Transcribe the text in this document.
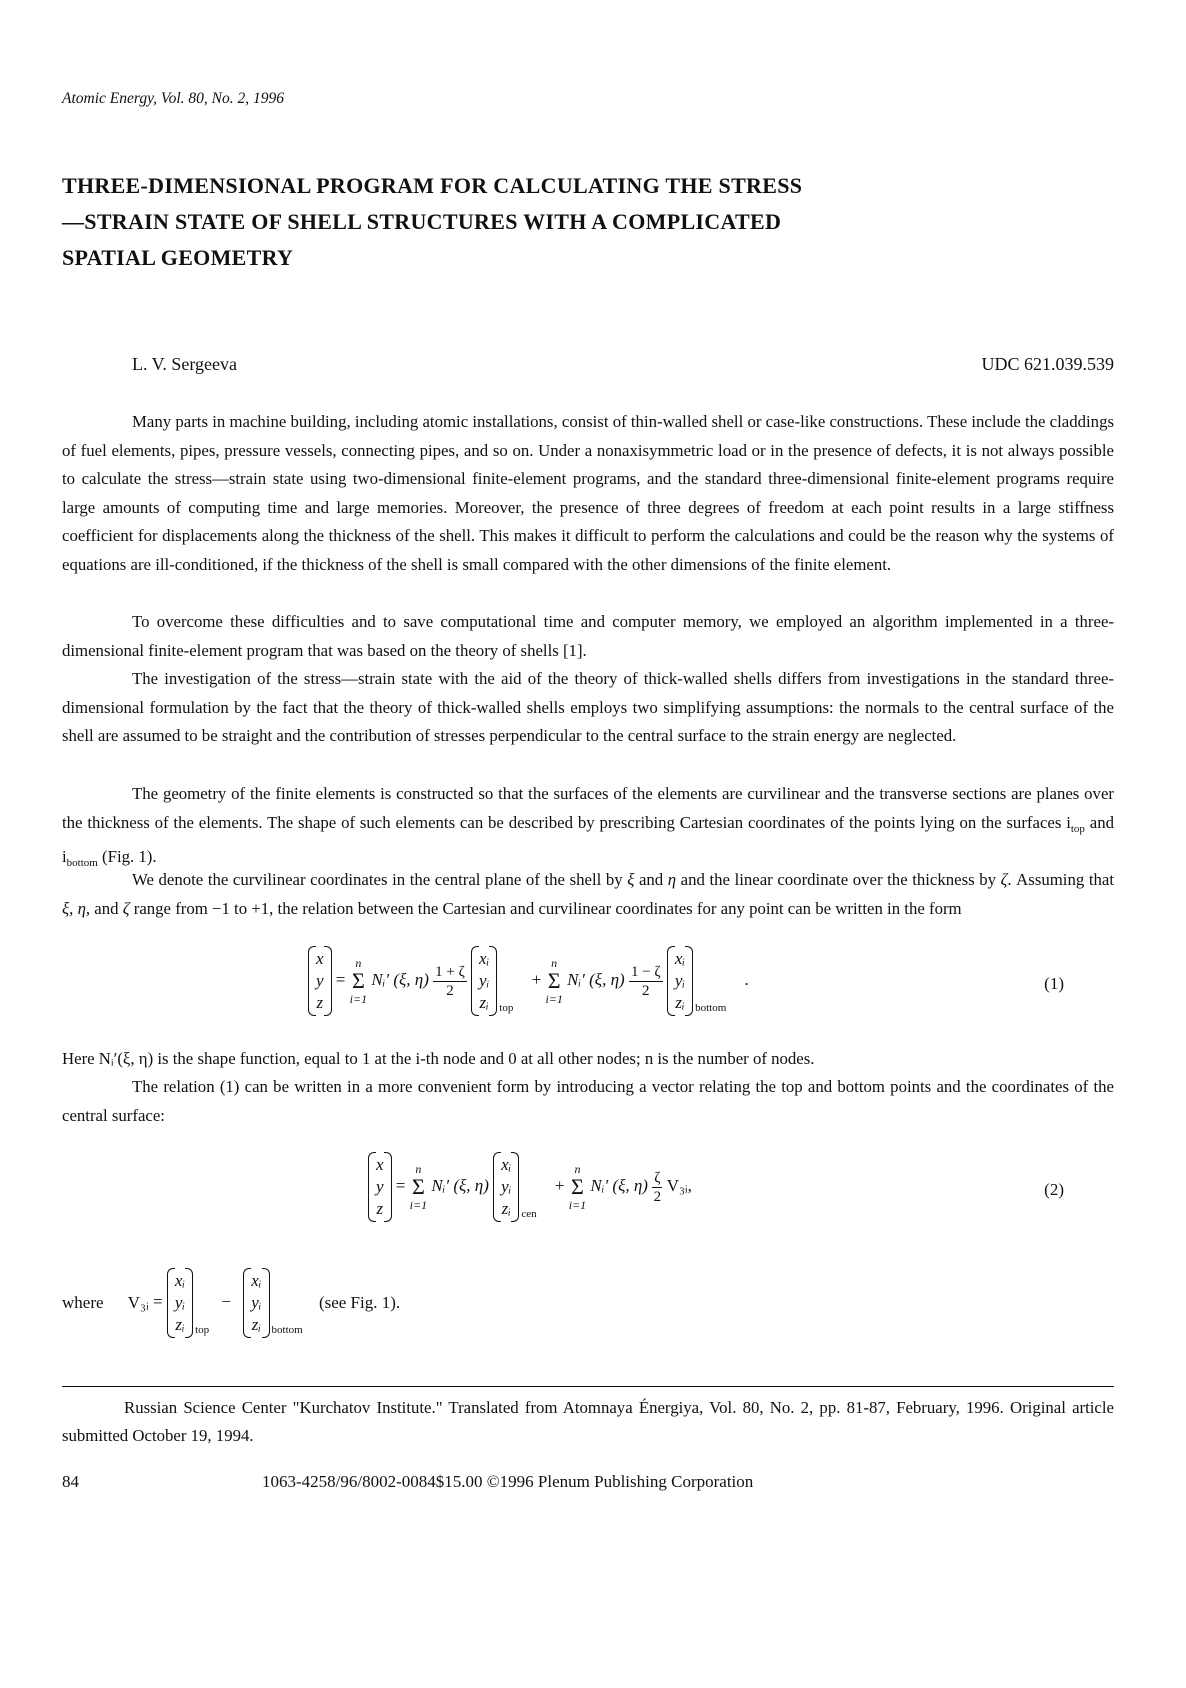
Atomic Energy, Vol. 80, No. 2, 1996
THREE-DIMENSIONAL PROGRAM FOR CALCULATING THE STRESS—STRAIN STATE OF SHELL STRUCTURES WITH A COMPLICATED SPATIAL GEOMETRY
L. V. Sergeeva	UDC 621.039.539

Many parts in machine building, including atomic installations, consist of thin-walled shell or case-like constructions. These include the claddings of fuel elements, pipes, pressure vessels, connecting pipes, and so on. Under a nonaxisymmetric load or in the presence of defects, it is not always possible to calculate the stress—strain state using two-dimensional finite-element programs, and the standard three-dimensional finite-element programs require large amounts of computing time and large memories. Moreover, the presence of three degrees of freedom at each point results in a large stiffness coefficient for displacements along the thickness of the shell. This makes it difficult to perform the calculations and could be the reason why the systems of equations are ill-conditioned, if the thickness of the shell is small compared with the other dimensions of the finite element.

To overcome these difficulties and to save computational time and computer memory, we employed an algorithm implemented in a three-dimensional finite-element program that was based on the theory of shells [1].

The investigation of the stress—strain state with the aid of the theory of thick-walled shells differs from investigations in the standard three-dimensional formulation by the fact that the theory of thick-walled shells employs two simplifying assumptions: the normals to the central surface of the shell are assumed to be straight and the contribution of stresses perpendicular to the central surface to the strain energy are neglected.

The geometry of the finite elements is constructed so that the surfaces of the elements are curvilinear and the transverse sections are planes over the thickness of the elements. The shape of such elements can be described by prescribing Cartesian coordinates of the points lying on the surfaces $i_{top}$ and $i_{bottom}$ (Fig. 1).

We denote the curvilinear coordinates in the central plane of the shell by ξ and η and the linear coordinate over the thickness by ζ. Assuming that ξ, η, and ζ range from −1 to +1, the relation between the Cartesian and curvilinear coordinates for any point can be written in the form

x
y
z
=
n
Σ
i=1
Nᵢ′ (ξ, $\eta) \frac{1 + \zeta}{2}$

xᵢ
yᵢ
zᵢ $_{top}$ +
n
Σ
i=1
Nᵢ′ (ξ, $\eta) \frac{1 - \zeta}{2}$

xᵢ
yᵢ
zᵢ $_{bottom}$ .	(1)

Here Nᵢ′(ξ, η) is the shape function, equal to 1 at the i-th node and 0 at all other nodes; n is the number of nodes.

The relation (1) can be written in a more convenient form by introducing a vector relating the top and bottom points and the coordinates of the central surface:

x
y
z
=
n
Σ
i=1
Nᵢ′ (ξ, η)
xᵢ
yᵢ
zᵢ $_{cen}$ +
n
Σ
i=1
Nᵢ′ (ξ, $\eta) \frac{\zeta}{2}$ V₃ᵢ,	(2)
where V₃ᵢ =
xᵢ
yᵢ
zᵢ $_{top}$ −
xᵢ
yᵢ
zᵢ $_{bottom}$ (see Fig. 1).

Russian Science Center "Kurchatov Institute." Translated from Atomnaya Énergiya, Vol. 80, No. 2, pp. 81-87, February, 1996. Original article submitted October 19, 1994.

84	1063-4258/96/8002-0084$15.00 ©1996 Plenum Publishing Corporation
